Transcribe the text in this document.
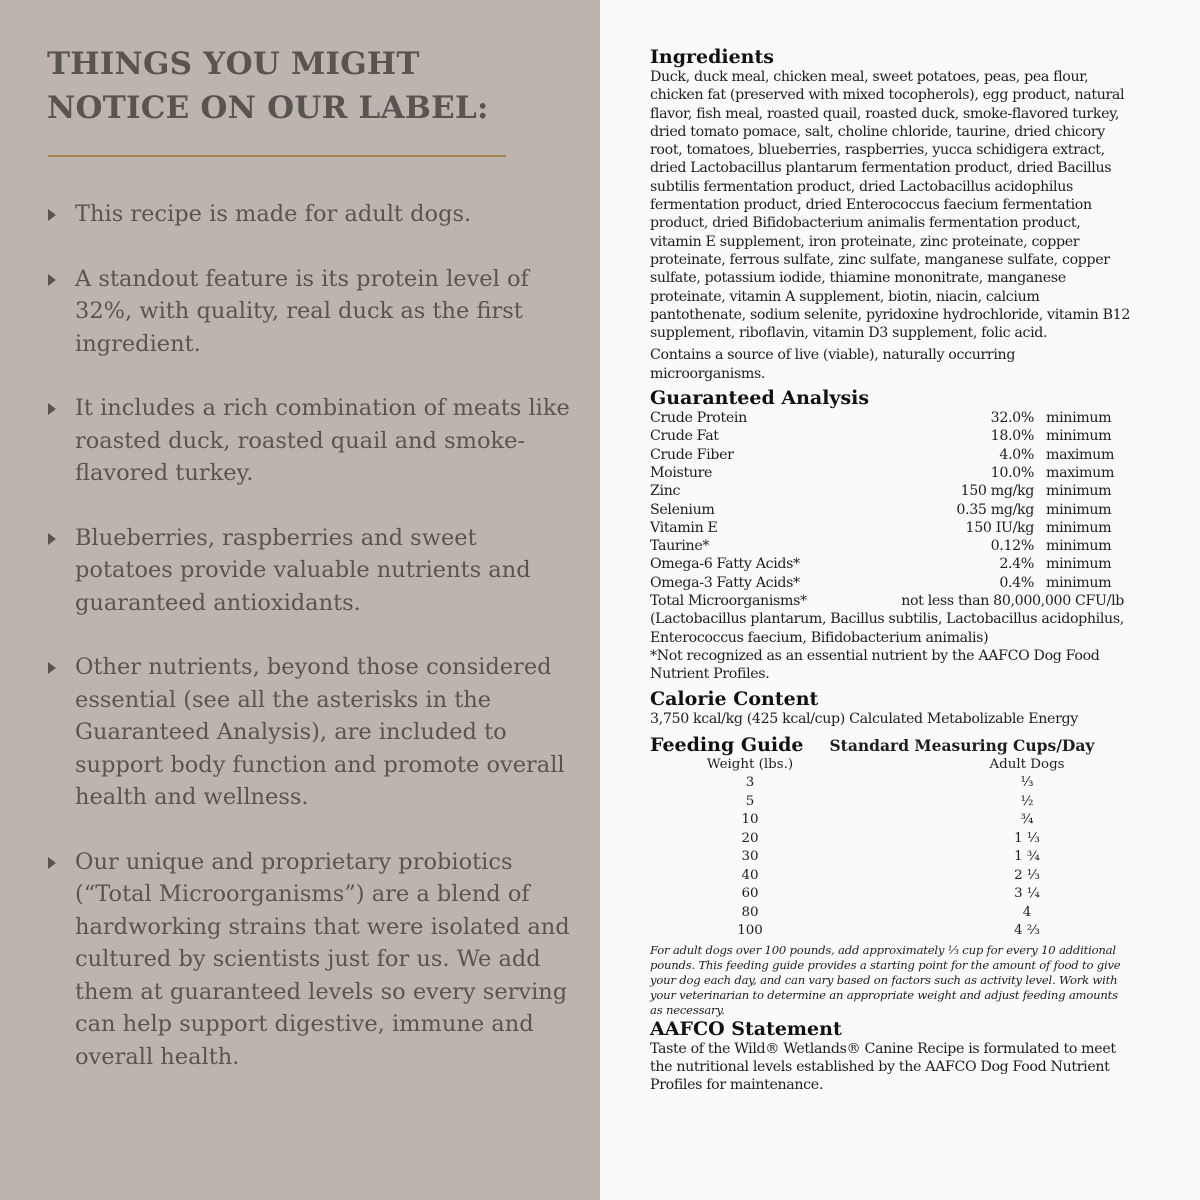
THINGS YOU MIGHT NOTICE ON OUR LABEL:
This recipe is made for adult dogs.
A standout feature is its protein level of 32%, with quality, real duck as the first ingredient.
It includes a rich combination of meats like roasted duck, roasted quail and smoke-flavored turkey.
Blueberries, raspberries and sweet potatoes provide valuable nutrients and guaranteed antioxidants.
Other nutrients, beyond those considered essential (see all the asterisks in the Guaranteed Analysis), are included to support body function and promote overall health and wellness.
Our unique and proprietary probiotics (“Total Microorganisms”) are a blend of hardworking strains that were isolated and cultured by scientists just for us. We add them at guaranteed levels so every serving can help support digestive, immune and overall health.
Ingredients
Duck, duck meal, chicken meal, sweet potatoes, peas, pea flour, chicken fat (preserved with mixed tocopherols), egg product, natural flavor, fish meal, roasted quail, roasted duck, smoke-flavored turkey, dried tomato pomace, salt, choline chloride, taurine, dried chicory root, tomatoes, blueberries, raspberries, yucca schidigera extract, dried Lactobacillus plantarum fermentation product, dried Bacillus subtilis fermentation product, dried Lactobacillus acidophilus fermentation product, dried Enterococcus faecium fermentation product, dried Bifidobacterium animalis fermentation product, vitamin E supplement, iron proteinate, zinc proteinate, copper proteinate, ferrous sulfate, zinc sulfate, manganese sulfate, copper sulfate, potassium iodide, thiamine mononitrate, manganese proteinate, vitamin A supplement, biotin, niacin, calcium pantothenate, sodium selenite, pyridoxine hydrochloride, vitamin B12 supplement, riboflavin, vitamin D3 supplement, folic acid.
Contains a source of live (viable), naturally occurring microorganisms.
Guaranteed Analysis
Crude Protein	32.0%	minimum
Crude Fat	18.0%	minimum
Crude Fiber	4.0%	maximum
Moisture	10.0%	maximum
Zinc	150 mg/kg	minimum
Selenium	0.35 mg/kg	minimum
Vitamin E	150 IU/kg	minimum
Taurine*	0.12%	minimum
Omega-6 Fatty Acids*	2.4%	minimum
Omega-3 Fatty Acids*	0.4%	minimum
Total Microorganisms*	not less than 80,000,000 CFU/lb
(Lactobacillus plantarum, Bacillus subtilis, Lactobacillus acidophilus, Enterococcus faecium, Bifidobacterium animalis)
*Not recognized as an essential nutrient by the AAFCO Dog Food Nutrient Profiles.
Calorie Content
3,750 kcal/kg (425 kcal/cup) Calculated Metabolizable Energy
Feeding Guide Standard Measuring Cups/Day
Weight (lbs.)	Adult Dogs
3	⅓
5	½
10	¾
20	1 ⅓
30	1 ¾
40	2 ⅓
60	3 ¼
80	4
100	4 ⅔
For adult dogs over 100 pounds, add approximately ⅓ cup for every 10 additional pounds. This feeding guide provides a starting point for the amount of food to give your dog each day, and can vary based on factors such as activity level. Work with your veterinarian to determine an appropriate weight and adjust feeding amounts as necessary.
AAFCO Statement
Taste of the Wild® Wetlands® Canine Recipe is formulated to meet the nutritional levels established by the AAFCO Dog Food Nutrient Profiles for maintenance.
